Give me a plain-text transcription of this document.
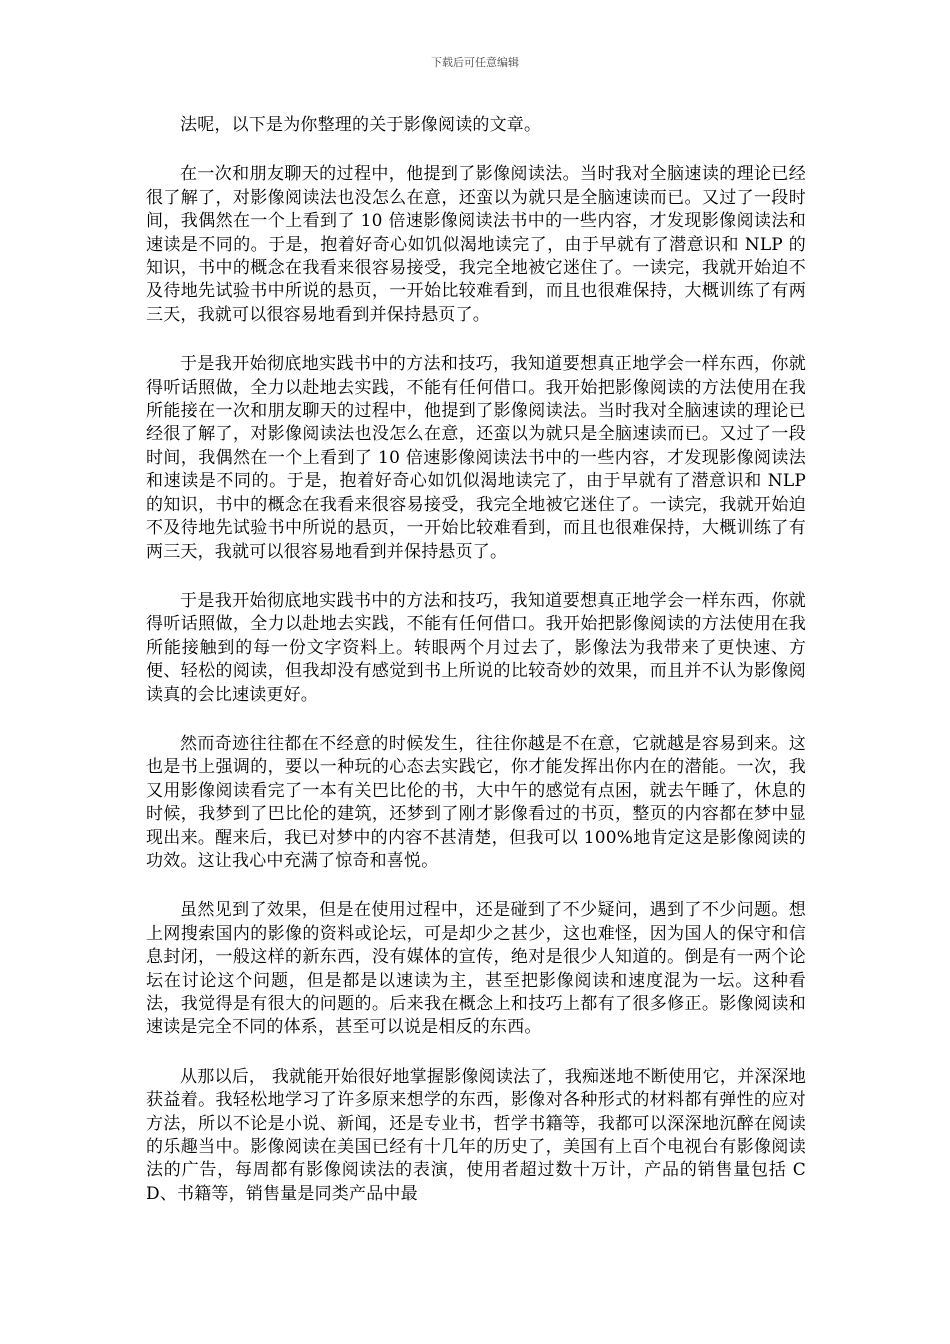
下载后可任意编辑

法呢，以下是为你整理的关于影像阅读的文章。

在一次和朋友聊天的过程中，他提到了影像阅读法。当时我对全脑速读的理论已经很了解了，对影像阅读法也没怎么在意，还蛮以为就只是全脑速读而已。又过了一段时间，我偶然在一个上看到了 10 倍速影像阅读法书中的一些内容，才发现影像阅读法和速读是不同的。于是，抱着好奇心如饥似渴地读完了，由于早就有了潜意识和 NLP 的知识，书中的概念在我看来很容易接受，我完全地被它迷住了。一读完，我就开始迫不及待地先试验书中所说的悬页，一开始比较难看到，而且也很难保持，大概训练了有两三天，我就可以很容易地看到并保持悬页了。

于是我开始彻底地实践书中的方法和技巧，我知道要想真正地学会一样东西，你就得听话照做，全力以赴地去实践，不能有任何借口。我开始把影像阅读的方法使用在我所能接在一次和朋友聊天的过程中，他提到了影像阅读法。当时我对全脑速读的理论已经很了解了，对影像阅读法也没怎么在意，还蛮以为就只是全脑速读而已。又过了一段时间，我偶然在一个上看到了 10 倍速影像阅读法书中的一些内容，才发现影像阅读法和速读是不同的。于是，抱着好奇心如饥似渴地读完了，由于早就有了潜意识和 NLP 的知识，书中的概念在我看来很容易接受，我完全地被它迷住了。一读完，我就开始迫不及待地先试验书中所说的悬页，一开始比较难看到，而且也很难保持，大概训练了有两三天，我就可以很容易地看到并保持悬页了。

于是我开始彻底地实践书中的方法和技巧，我知道要想真正地学会一样东西，你就得听话照做，全力以赴地去实践，不能有任何借口。我开始把影像阅读的方法使用在我所能接触到的每一份文字资料上。转眼两个月过去了，影像法为我带来了更快速、方便、轻松的阅读，但我却没有感觉到书上所说的比较奇妙的效果，而且并不认为影像阅读真的会比速读更好。

然而奇迹往往都在不经意的时候发生，往往你越是不在意，它就越是容易到来。这也是书上强调的，要以一种玩的心态去实践它，你才能发挥出你内在的潜能。一次，我又用影像阅读看完了一本有关巴比伦的书，大中午的感觉有点困，就去午睡了，休息的时候，我梦到了巴比伦的建筑，还梦到了刚才影像看过的书页，整页的内容都在梦中显现出来。醒来后，我已对梦中的内容不甚清楚，但我可以 100%地肯定这是影像阅读的功效。这让我心中充满了惊奇和喜悦。

虽然见到了效果，但是在使用过程中，还是碰到了不少疑问，遇到了不少问题。想上网搜索国内的影像的资料或论坛，可是却少之甚少，这也难怪，因为国人的保守和信息封闭，一般这样的新东西，没有媒体的宣传，绝对是很少人知道的。倒是有一两个论坛在讨论这个问题，但是都是以速读为主，甚至把影像阅读和速度混为一坛。这种看法，我觉得是有很大的问题的。后来我在概念上和技巧上都有了很多修正。影像阅读和速读是完全不同的体系，甚至可以说是相反的东西。

从那以后， 我就能开始很好地掌握影像阅读法了，我痴迷地不断使用它，并深深地获益着。我轻松地学习了许多原来想学的东西，影像对各种形式的材料都有弹性的应对方法，所以不论是小说、新闻，还是专业书，哲学书籍等，我都可以深深地沉醉在阅读的乐趣当中。影像阅读在美国已经有十几年的历史了，美国有上百个电视台有影像阅读法的广告，每周都有影像阅读法的表演，使用者超过数十万计，产品的销售量包括 CD、书籍等，销售量是同类产品中最
